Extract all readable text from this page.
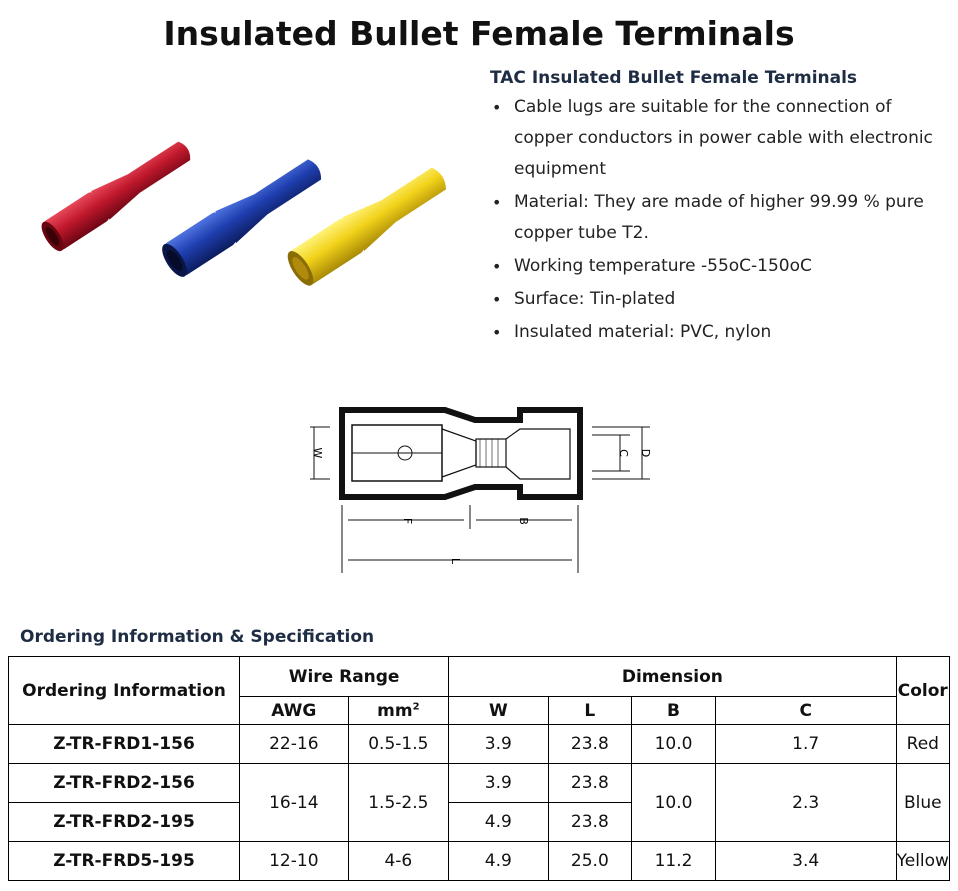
Insulated Bullet Female Terminals
TAC Insulated Bullet Female Terminals
• Cable lugs are suitable for the connection of copper conductors in power cable with electronic equipment
• Material: They are made of higher 99.99 % pure copper tube T2.
• Working temperature -55oC-150oC
• Surface: Tin-plated
• Insulated material: PVC, nylon
W	C D
F	B
L
Ordering Information & Specification
Ordering Information	Wire Range		Dimension				Color
	AWG	$mm^2$	W	L	B	C	
Z-TR-FRD1-156	22-16	0.5-1.5	3.9	23.8	10.0	1.7	Red
Z-TR-FRD2-156	16-14	1.5-2.5	3.9	23.8	10.0	2.3	Blue
Z-TR-FRD2-195			4.9	23.8			
Z-TR-FRD5-195	12-10	4-6	4.9	25.0	11.2	3.4	Yellow
